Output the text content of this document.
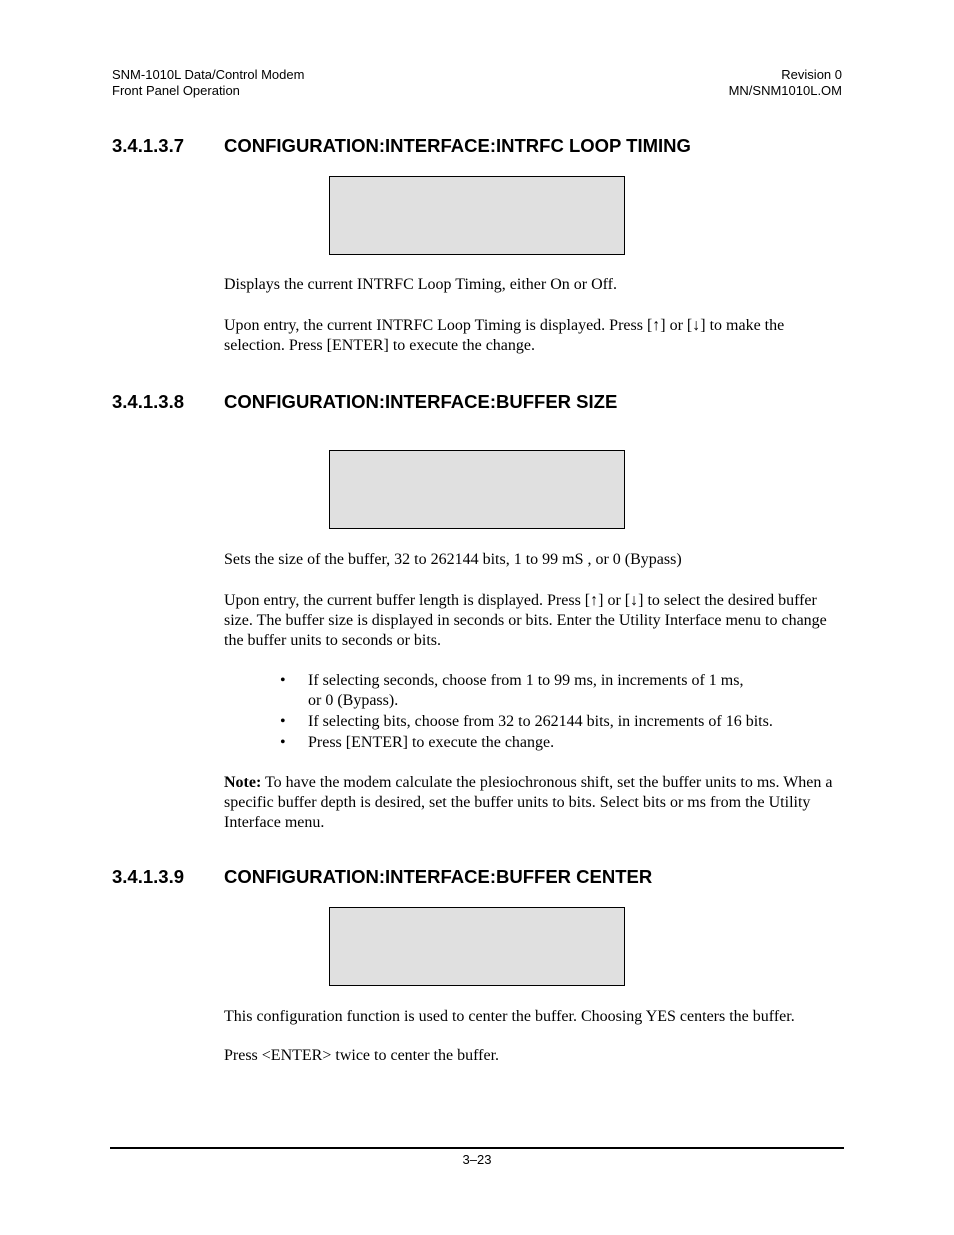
SNM-1010L Data/Control Modem
Front Panel Operation
Revision 0
MN/SNM1010L.OM
3.4.1.3.7 CONFIGURATION:INTERFACE:INTRFC LOOP TIMING
Displays the current INTRFC Loop Timing, either On or Off.
Upon entry, the current INTRFC Loop Timing is displayed. Press [↑] or [↓] to make the selection. Press [ENTER] to execute the change.
3.4.1.3.8 CONFIGURATION:INTERFACE:BUFFER SIZE
Sets the size of the buffer, 32 to 262144 bits, 1 to 99 mS , or 0 (Bypass)
Upon entry, the current buffer length is displayed. Press [↑] or [↓] to select the desired buffer size. The buffer size is displayed in seconds or bits. Enter the Utility Interface menu to change the buffer units to seconds or bits.
• If selecting seconds, choose from 1 to 99 ms, in increments of 1 ms,
or 0 (Bypass).
• If selecting bits, choose from 32 to 262144 bits, in increments of 16 bits.
• Press [ENTER] to execute the change.
Note: To have the modem calculate the plesiochronous shift, set the buffer units to ms. When a specific buffer depth is desired, set the buffer units to bits. Select bits or ms from the Utility Interface menu.
3.4.1.3.9 CONFIGURATION:INTERFACE:BUFFER CENTER
This configuration function is used to center the buffer. Choosing YES centers the buffer.
Press <ENTER> twice to center the buffer.
3–23
